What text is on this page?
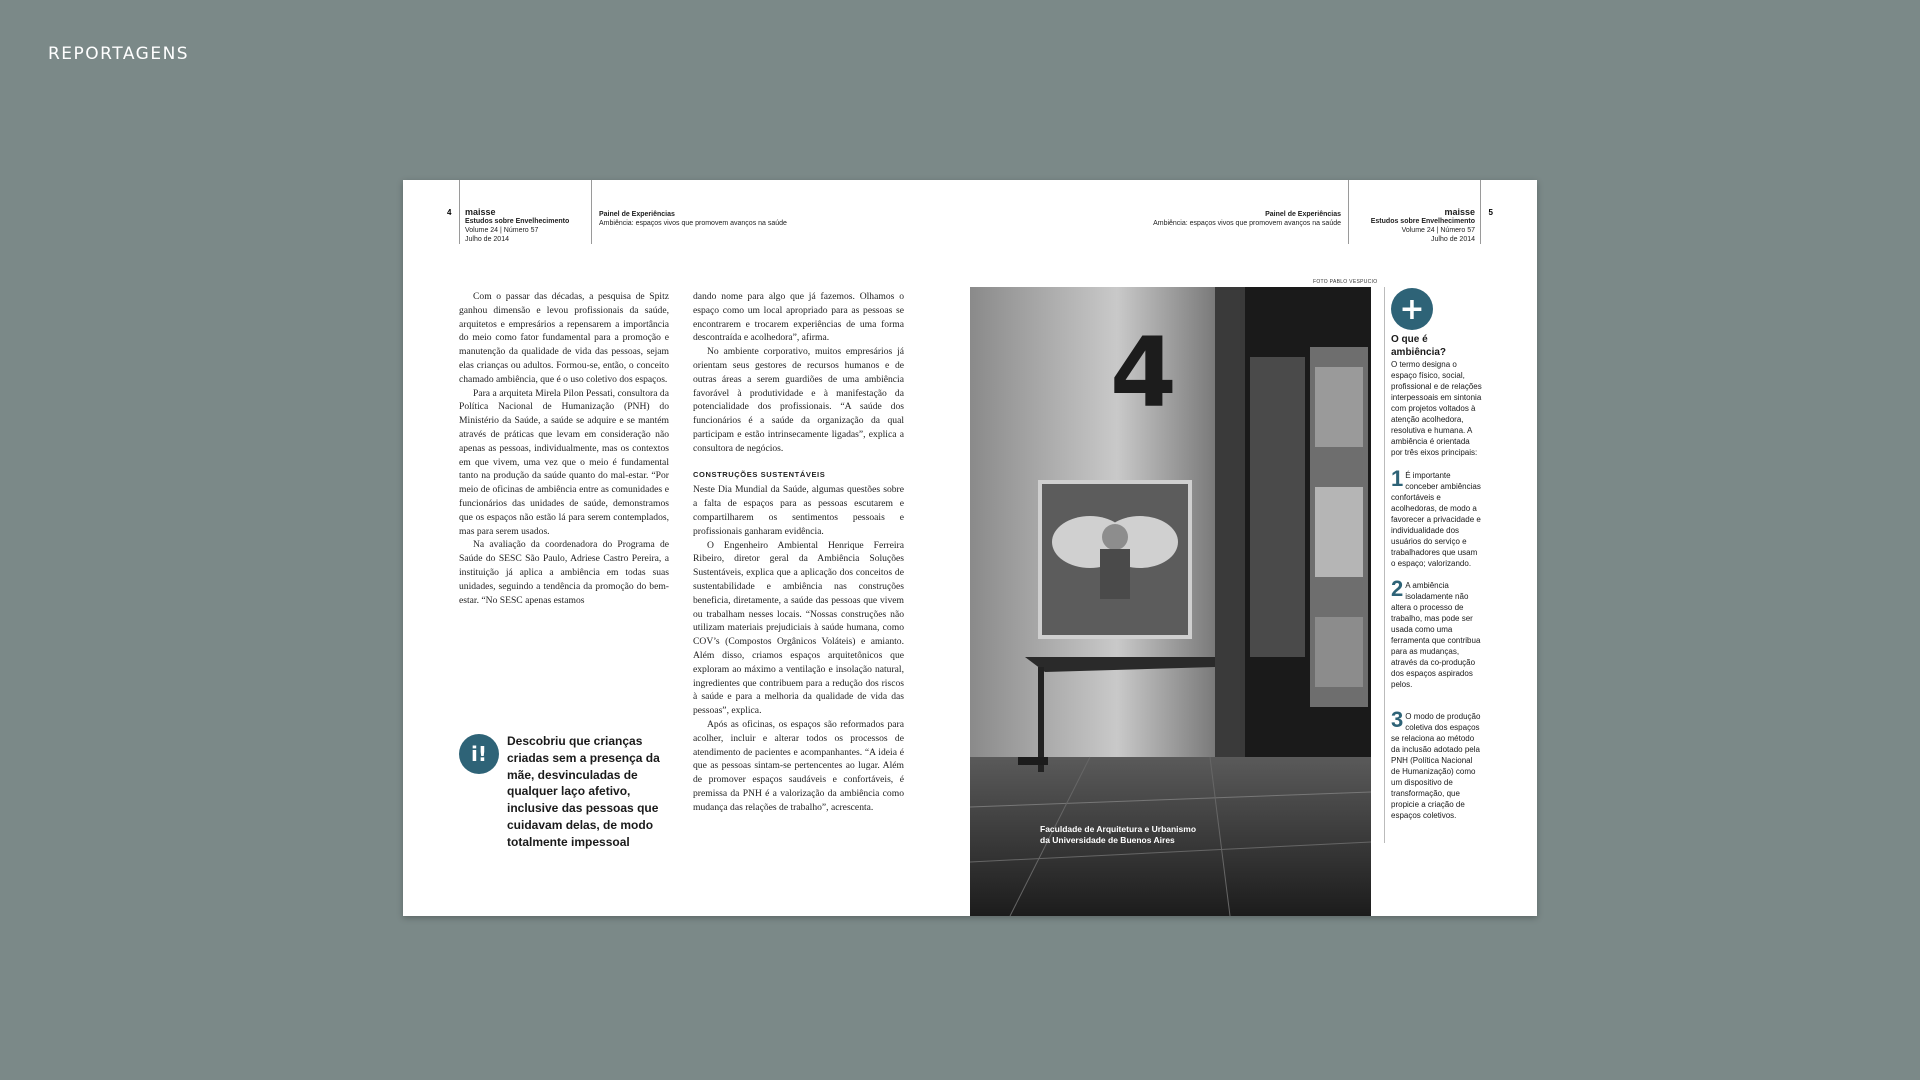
REPORTAGENS
4 maisse
Estudos sobre Envelhecimento
Volume 24 | Número 57
Julho de 2014
Painel de Experiências
Ambiência: espaços vivos que promovem avanços na saúde
Painel de Experiências
Ambiência: espaços vivos que promovem avanços na saúde
maisse
Estudos sobre Envelhecimento
Volume 24 | Número 57
Julho de 2014
5

Com o passar das décadas, a pesquisa de Spitz ganhou dimensão e levou profissionais da saúde, arquitetos e empresários a repensarem a importância do meio como fator fundamental para a promoção e manutenção da qualidade de vida das pessoas, sejam elas crianças ou adultos. Formou-se, então, o conceito chamado ambiência, que é o uso coletivo dos espaços.

Para a arquiteta Mirela Pilon Pessati, consultora da Política Nacional de Humanização (PNH) do Ministério da Saúde, a saúde se adquire e se mantém através de práticas que levam em consideração não apenas as pessoas, individualmente, mas os contextos em que vivem, uma vez que o meio é fundamental tanto na produção da saúde quanto do mal-estar. “Por meio de oficinas de ambiência entre as comunidades e funcionários das unidades de saúde, demonstramos que os espaços não estão lá para serem contemplados, mas para serem usados.

Na avaliação da coordenadora do Programa de Saúde do SESC São Paulo, Adriese Castro Pereira, a instituição já aplica a ambiência em todas suas unidades, seguindo a tendência da promoção do bem-estar. “No SESC apenas estamos

i!
Descobriu que crianças criadas sem a presença da mãe, desvinculadas de qualquer laço afetivo, inclusive das pessoas que cuidavam delas, de modo totalmente impessoal

dando nome para algo que já fazemos. Olhamos o espaço como um local apropriado para as pessoas se encontrarem e trocarem experiências de uma forma descontraída e acolhedora”, afirma.

No ambiente corporativo, muitos empresários já orientam seus gestores de recursos humanos e de outras áreas a serem guardiões de uma ambiência favorável à produtividade e à manifestação da potencialidade dos profissionais. “A saúde dos funcionários é a saúde da organização da qual participam e estão intrinsecamente ligadas”, explica a consultora de negócios.

CONSTRUÇÕES SUSTENTÁVEIS

Neste Dia Mundial da Saúde, algumas questões sobre a falta de espaços para as pessoas escutarem e compartilharem os sentimentos pessoais e profissionais ganharam evidência.

O Engenheiro Ambiental Henrique Ferreira Ribeiro, diretor geral da Ambiência Soluções Sustentáveis, explica que a aplicação dos conceitos de sustentabilidade e ambiência nas construções beneficia, diretamente, a saúde das pessoas que vivem ou trabalham nesses locais. “Nossas construções não utilizam materiais prejudiciais à saúde humana, como COV’s (Compostos Orgânicos Voláteis) e amianto. Além disso, criamos espaços arquitetônicos que exploram ao máximo a ventilação e insolação natural, ingredientes que contribuem para a redução dos riscos à saúde e para a melhoria da qualidade de vida das pessoas”, explica.

Após as oficinas, os espaços são reformados para acolher, incluir e alterar todos os processos de atendimento de pacientes e acompanhantes. “A ideia é que as pessoas sintam-se pertencentes ao lugar. Além de promover espaços saudáveis e confortáveis, é premissa da PNH é a valorização da ambiência como mudança das relações de trabalho”, acrescenta.

FOTO PABLO VESPUCIO
4
Faculdade de Arquitetura e Urbanismo
da Universidade de Buenos Aires
+
O que é ambiência?
O termo designa o espaço físico, social, profissional e de relações interpessoais em sintonia com projetos voltados à atenção acolhedora, resolutiva e humana. A ambiência é orientada por três eixos principais:
1 É importante conceber ambiências confortáveis e acolhedoras, de modo a favorecer a privacidade e individualidade dos usuários do serviço e trabalhadores que usam o espaço; valorizando.
2 A ambiência isoladamente não altera o processo de trabalho, mas pode ser usada como uma ferramenta que contribua para as mudanças, através da co-produção dos espaços aspirados pelos.
3 O modo de produção coletiva dos espaços se relaciona ao método da inclusão adotado pela PNH (Política Nacional de Humanização) como um dispositivo de transformação, que propicie a criação de espaços coletivos.
